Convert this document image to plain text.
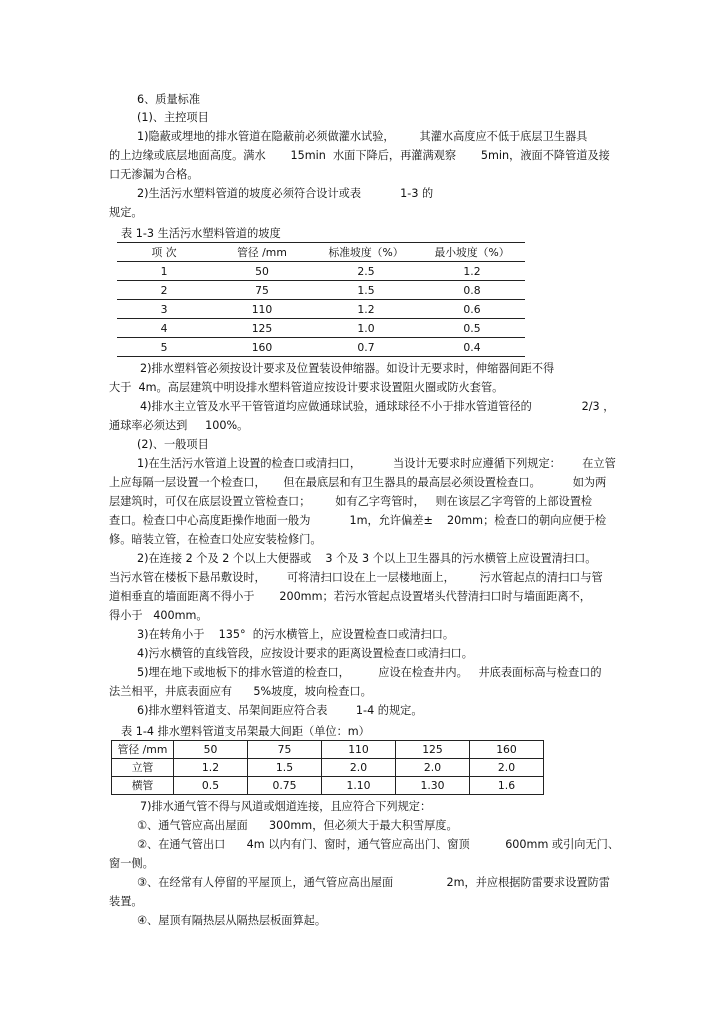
6、质量标准

(1)、主控项目

1)隐蔽或埋地的排水管道在隐蔽前必须做灌水试验，       其灌水高度应不低于底层卫生器具

的上边缘或底层地面高度。满水       15min  水面下降后，再灌满观察       5min，液面不降管道及接

口无渗漏为合格。

2)生活污水塑料管道的坡度必须符合设计或表           1-3 的

规定。

表 1-3 生活污水塑料管道的坡度

项 次	管径 /mm	标准坡度（%）	最小坡度（%）
1	50	2.5	1.2
2	75	1.5	0.8
3	110	1.2	0.6
4	125	1.0	0.5
5	160	0.7	0.4

2)排水塑料管必须按设计要求及位置装设伸缩器。如设计无要求时，伸缩器间距不得

大于  4m。高层建筑中明设排水塑料管道应按设计要求设置阻火圈或防火套管。

4)排水主立管及水平干管管道均应做通球试验，通球球径不小于排水管道管径的              2/3 ，

通球率必须达到     100%。

(2)、一般项目

1)在生活污水管道上设置的检查口或清扫口，         当设计无要求时应遵循下列规定：      在立管

上应每隔一层设置一个检查口，     但在最底层和有卫生器具的最高层必须设置检查口。         如为两

层建筑时，可仅在底层设置立管检查口；       如有乙字弯管时，   则在该层乙字弯管的上部设置检

查口。检查口中心高度距操作地面一般为           1m，允许偏差±    20mm；检查口的朝向应便于检

修。暗装立管，在检查口处应安装检修门。

2)在连接 2 个及 2 个以上大便器或    3 个及 3 个以上卫生器具的污水横管上应设置清扫口。

当污水管在楼板下悬吊敷设时，      可将清扫口设在上一层楼地面上，       污水管起点的清扫口与管

道相垂直的墙面距离不得小于       200mm；若污水管起点设置堵头代替清扫口时与墙面距离不，

得小于   400mm。

3)在转角小于    135°  的污水横管上，应设置检查口或清扫口。

4)污水横管的直线管段，应按设计要求的距离设置检查口或清扫口。

5)埋在地下或地板下的排水管道的检查口，        应设在检查井内。   井底表面标高与检查口的

法兰相平，井底表面应有      5%坡度，坡向检查口。

6)排水塑料管道支、吊架间距应符合表        1-4 的规定。

表 1-4 排水塑料管道支吊架最大间距（单位：m）

管径 /mm	50	75	110	125	160
立管	1.2	1.5	2.0	2.0	2.0
横管	0.5	0.75	1.10	1.30	1.6

7)排水通气管不得与风道或烟道连接，且应符合下列规定：

①、通气管应高出屋面      300mm，但必须大于最大积雪厚度。

②、在通气管出口      4m 以内有门、窗时，通气管应高出门、窗顶          600mm 或引向无门、

窗一侧。

③、在经常有人停留的平屋顶上，通气管应高出屋面               2m，并应根据防雷要求设置防雷

装置。

④、屋顶有隔热层从隔热层板面算起。
